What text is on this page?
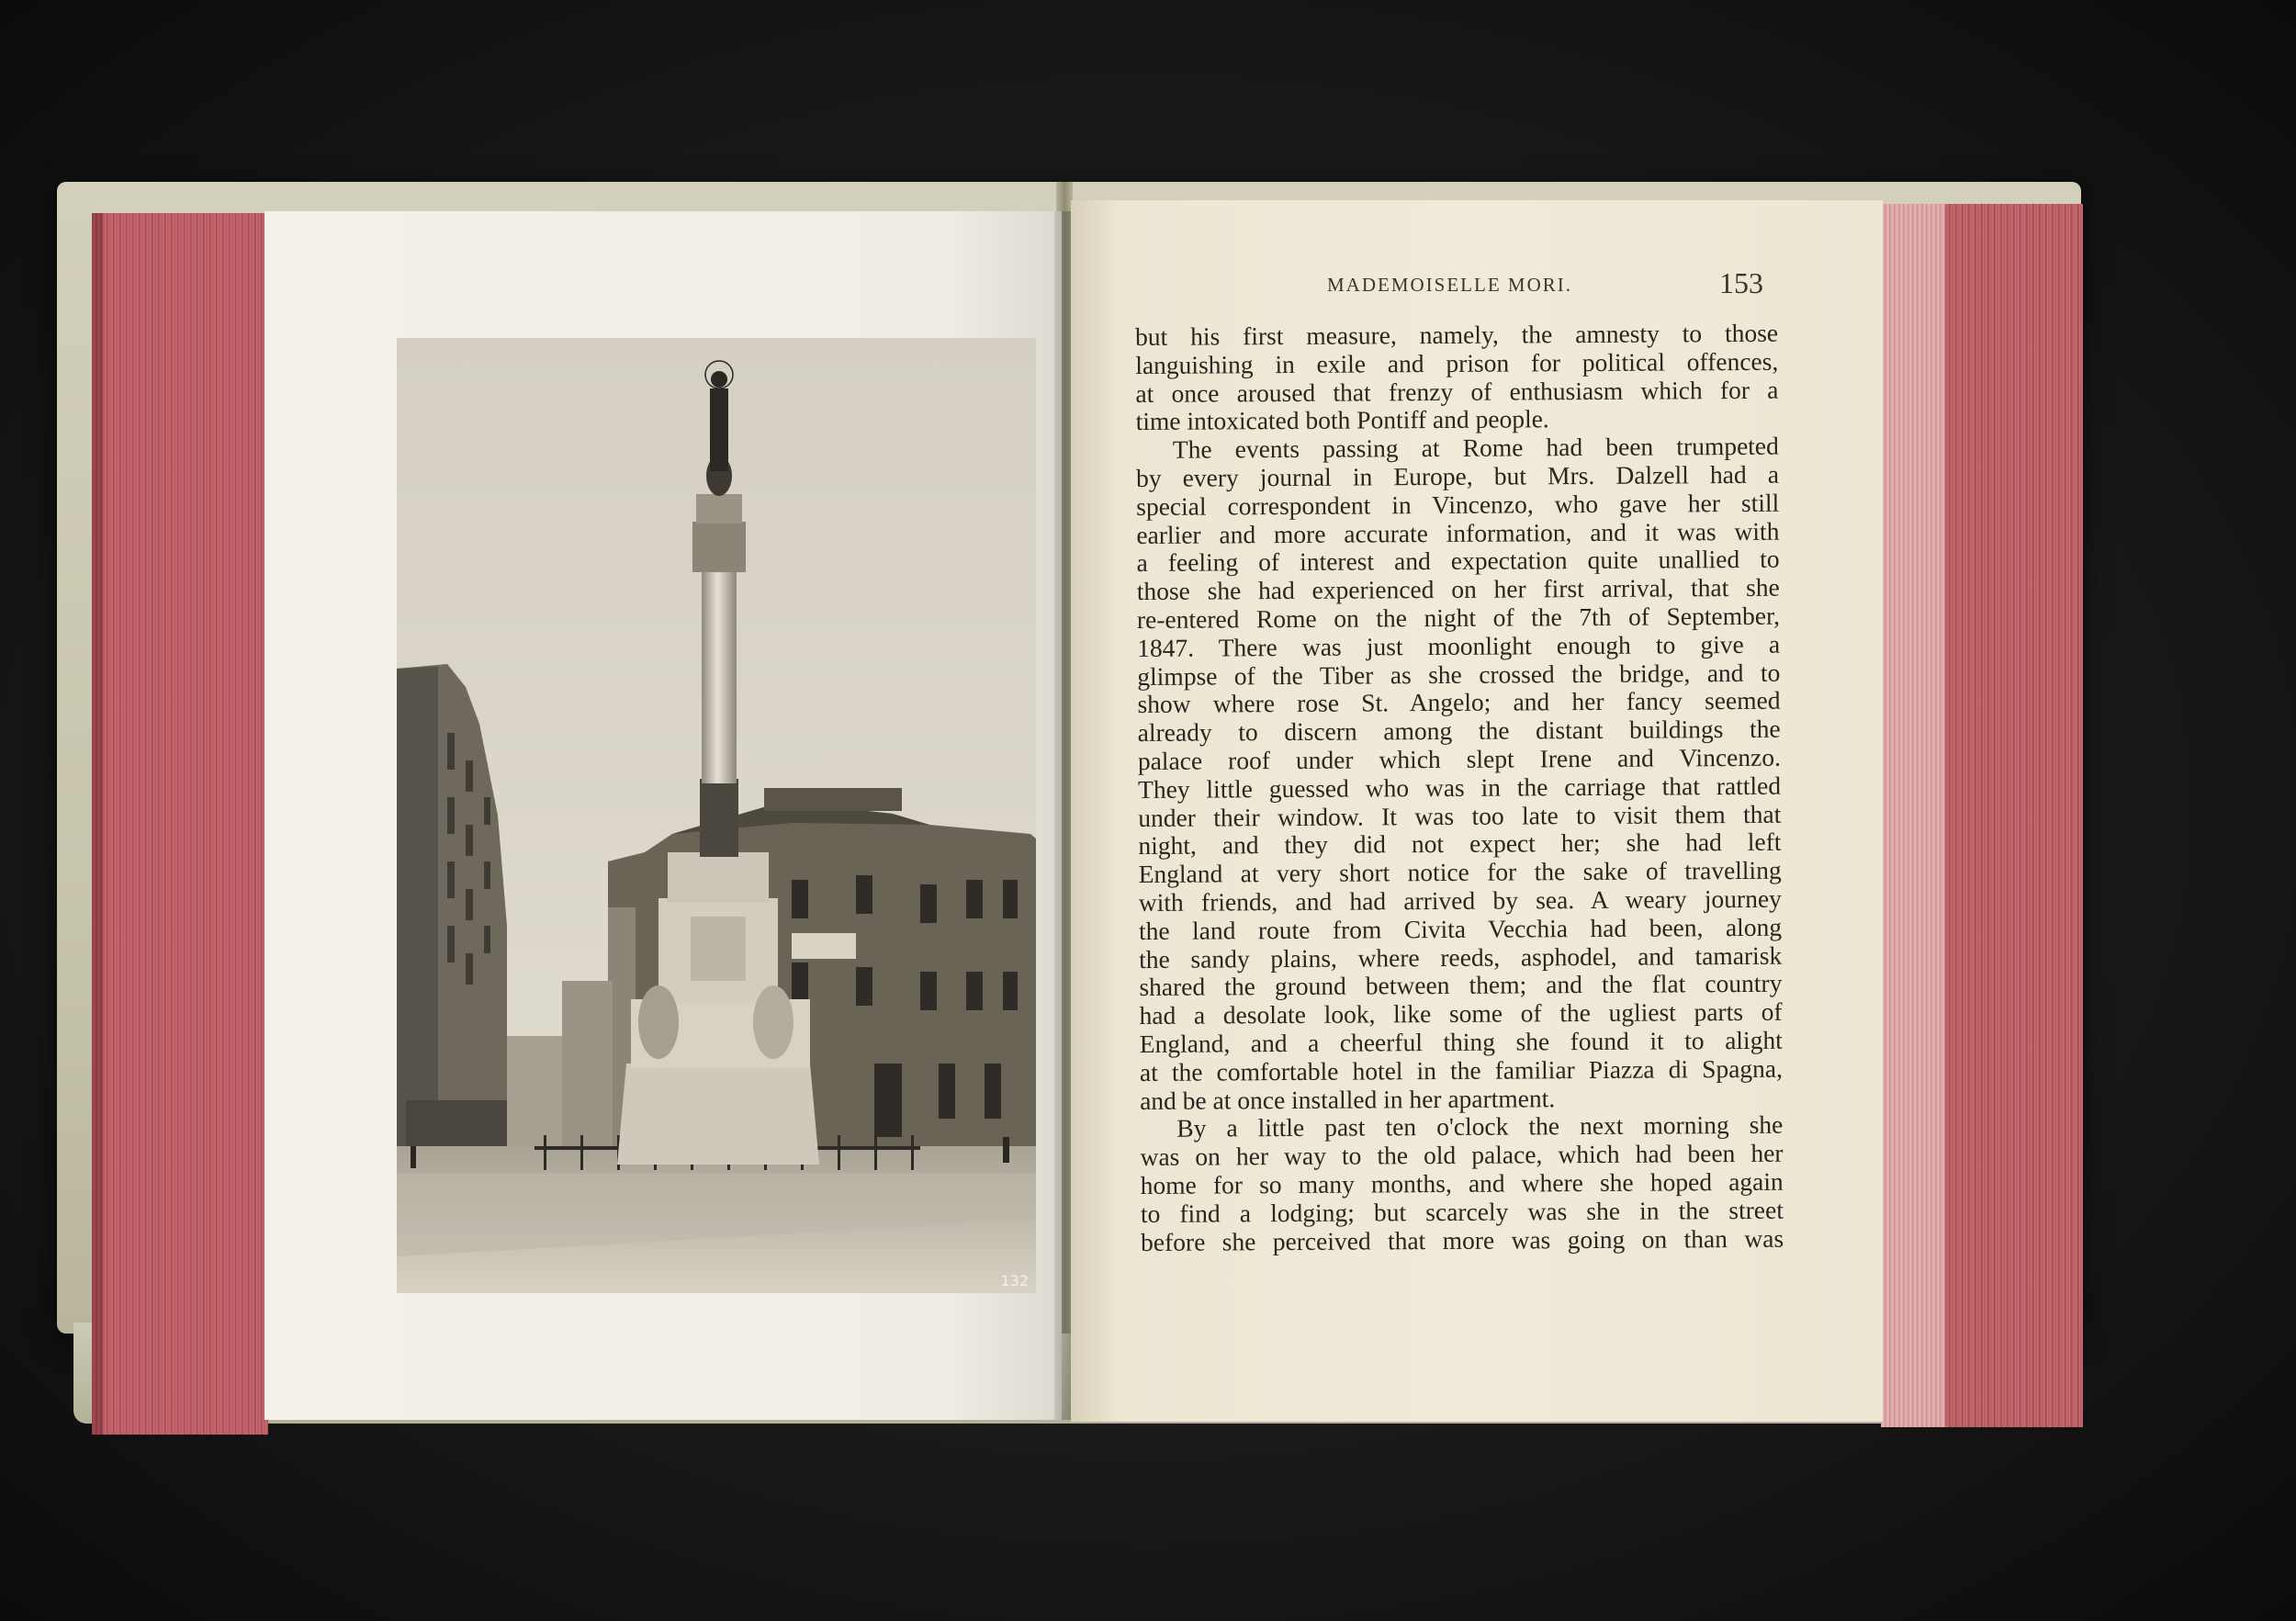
132
MADEMOISELLE MORI.	153
but his first measure, namely, the amnesty to those
languishing in exile and prison for political offences,
at once aroused that frenzy of enthusiasm which for a
time intoxicated both Pontiff and people.
The events passing at Rome had been trumpeted
by every journal in Europe, but Mrs. Dalzell had a
special correspondent in Vincenzo, who gave her still
earlier and more accurate information, and it was with
a feeling of interest and expectation quite unallied to
those she had experienced on her first arrival, that she
re-entered Rome on the night of the 7th of September,
1847. There was just moonlight enough to give a
glimpse of the Tiber as she crossed the bridge, and to
show where rose St. Angelo; and her fancy seemed
already to discern among the distant buildings the
palace roof under which slept Irene and Vincenzo.
They little guessed who was in the carriage that rattled
under their window. It was too late to visit them that
night, and they did not expect her; she had left
England at very short notice for the sake of travelling
with friends, and had arrived by sea. A weary journey
the land route from Civita Vecchia had been, along
the sandy plains, where reeds, asphodel, and tamarisk
shared the ground between them; and the flat country
had a desolate look, like some of the ugliest parts of
England, and a cheerful thing she found it to alight
at the comfortable hotel in the familiar Piazza di Spagna,
and be at once installed in her apartment.
By a little past ten o'clock the next morning she
was on her way to the old palace, which had been her
home for so many months, and where she hoped again
to find a lodging; but scarcely was she in the street
before she perceived that more was going on than was
